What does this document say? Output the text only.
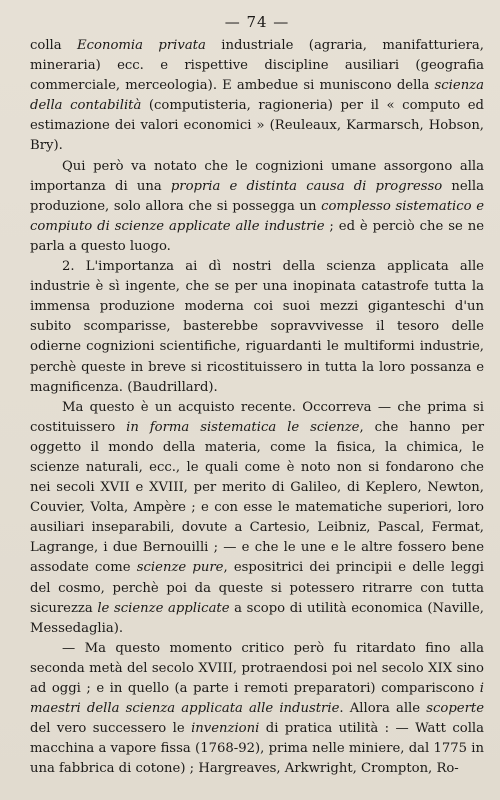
— 74 —

colla Economia privata industriale (agraria, manifatturiera, mineraria) ecc. e rispettive discipline ausiliari (geografia commerciale, merceologia). E ambedue si muniscono della scienza della contabilità (computisteria, ragioneria) per il « computo ed estimazione dei valori economici » (Reuleaux, Karmarsch, Hobson, Bry).

Qui però va notato che le cognizioni umane assorgono alla importanza di una propria e distinta causa di progresso nella produzione, solo allora che si possegga un complesso sistematico e compiuto di scienze applicate alle industrie ; ed è perciò che se ne parla a questo luogo.

2. L'importanza ai dì nostri della scienza applicata alle industrie è sì ingente, che se per una inopinata catastrofe tutta la immensa produzione moderna coi suoi mezzi giganteschi d'un subito scomparisse, basterebbe sopravvivesse il tesoro delle odierne cognizioni scientifiche, riguardanti le multiformi industrie, perchè queste in breve si ricostituissero in tutta la loro possanza e magnificenza. (Baudrillard).

Ma questo è un acquisto recente. Occorreva — che prima si costituissero in forma sistematica le scienze, che hanno per oggetto il mondo della materia, come la fisica, la chimica, le scienze naturali, ecc., le quali come è noto non si fondarono che nei secoli XVII e XVIII, per merito di Galileo, di Keplero, Newton, Couvier, Volta, Ampère ; e con esse le matematiche superiori, loro ausiliari inseparabili, dovute a Cartesio, Leibniz, Pascal, Fermat, Lagrange, i due Bernouilli ; — e che le une e le altre fossero bene assodate come scienze pure, espositrici dei principii e delle leggi del cosmo, perchè poi da queste si potessero ritrarre con tutta sicurezza le scienze applicate a scopo di utilità economica (Naville, Messedaglia).

— Ma questo momento critico però fu ritardato fino alla seconda metà del secolo XVIII, protraendosi poi nel secolo XIX sino ad oggi ; e in quello (a parte i remoti preparatori) compariscono i maestri della scienza applicata alle industrie. Allora alle scoperte del vero successero le invenzioni di pratica utilità : — Watt colla macchina a vapore fissa (1768-92), prima nelle miniere, dal 1775 in una fabbrica di cotone) ; Hargreaves, Arkwright, Crompton, Ro-
